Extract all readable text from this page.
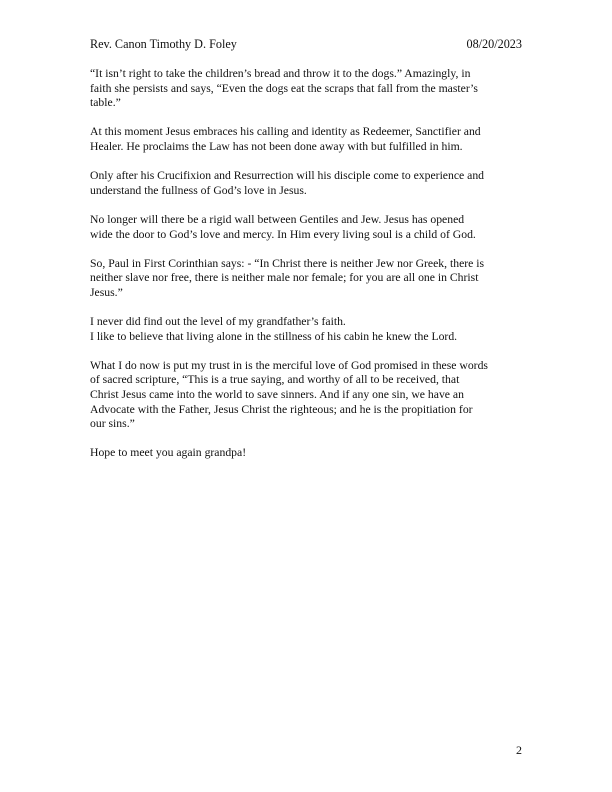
Rev. Canon Timothy D. Foley	08/20/2023

“It isn’t right to take the children’s bread and throw it to the dogs.” Amazingly, in
faith she persists and says, “Even the dogs eat the scraps that fall from the master’s
table.”

At this moment Jesus embraces his calling and identity as Redeemer, Sanctifier and
Healer. He proclaims the Law has not been done away with but fulfilled in him.

Only after his Crucifixion and Resurrection will his disciple come to experience and
understand the fullness of God’s love in Jesus.

No longer will there be a rigid wall between Gentiles and Jew. Jesus has opened
wide the door to God’s love and mercy. In Him every living soul is a child of God.

So, Paul in First Corinthian says: - “In Christ there is neither Jew nor Greek, there is
neither slave nor free, there is neither male nor female; for you are all one in Christ
Jesus.”

I never did find out the level of my grandfather’s faith.
I like to believe that living alone in the stillness of his cabin he knew the Lord.

What I do now is put my trust in is the merciful love of God promised in these words
of sacred scripture, “This is a true saying, and worthy of all to be received, that
Christ Jesus came into the world to save sinners. And if any one sin, we have an
Advocate with the Father, Jesus Christ the righteous; and he is the propitiation for
our sins.”

Hope to meet you again grandpa!

2
